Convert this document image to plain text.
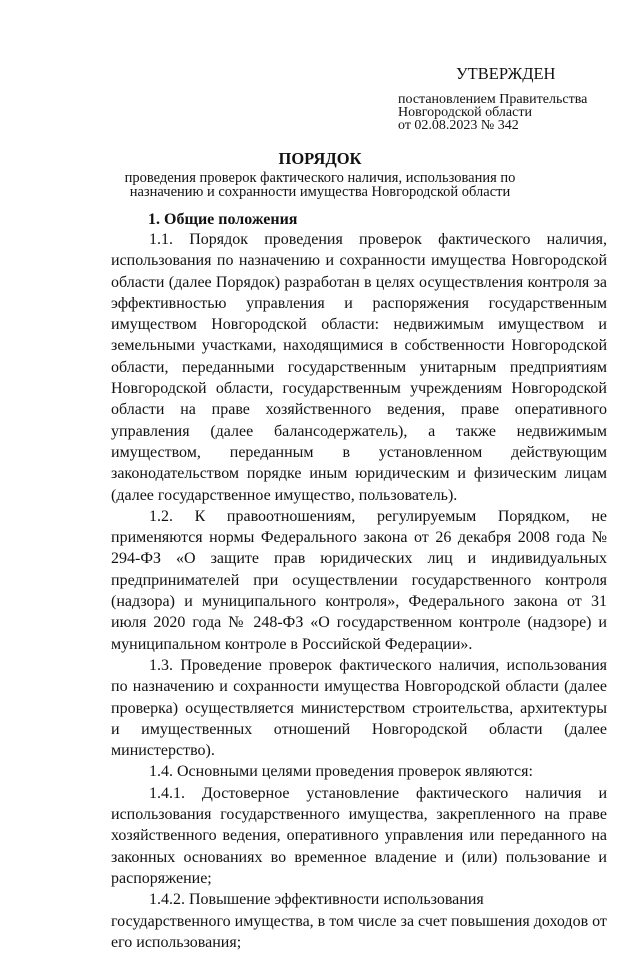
УТВЕРЖДЕН
постановлением Правительства
Новгородской области
от 02.08.2023 № 342
ПОРЯДОК
проведения проверок фактического наличия, использования по назначению и сохранности имущества Новгородской области
1. Общие положения

1.1. Порядок проведения проверок фактического наличия, использования по назначению и сохранности имущества Новгородской области (далее Порядок) разработан в целях осуществления контроля за эффективностью управления и распоряжения государственным имуществом Новгородской области: недвижимым имуществом и земельными участками, находящимися в собственности Новгородской области, переданными государственным унитарным предприятиям Новгородской области, государственным учреждениям Новгородской области на праве хозяйственного ведения, праве оперативного управления (далее балансодержатель), а также недвижимым имуществом, переданным в установленном действующим законодательством порядке иным юридическим и физическим лицам (далее государственное имущество, пользователь).

1.2. К правоотношениям, регулируемым Порядком, не применяются нормы Федерального закона от 26 декабря 2008 года № 294-ФЗ «О защите прав юридических лиц и индивидуальных предпринимателей при осуществлении государственного контроля (надзора) и муниципального контроля», Федерального закона от 31 июля 2020 года № 248-ФЗ «О государственном контроле (надзоре) и муниципальном контроле в Российской Федерации».

1.3. Проведение проверок фактического наличия, использования по назначению и сохранности имущества Новгородской области (далее проверка) осуществляется министерством строительства, архитектуры и имущественных отношений Новгородской области (далее министерство).

1.4. Основными целями проведения проверок являются:

1.4.1. Достоверное установление фактического наличия и использования государственного имущества, закрепленного на праве хозяйственного ведения, оперативного управления или переданного на законных основаниях во временное владение и (или) пользование и распоряжение;

1.4.2. Повышение эффективности использования государственного имущества, в том числе за счет повышения доходов от его использования;
